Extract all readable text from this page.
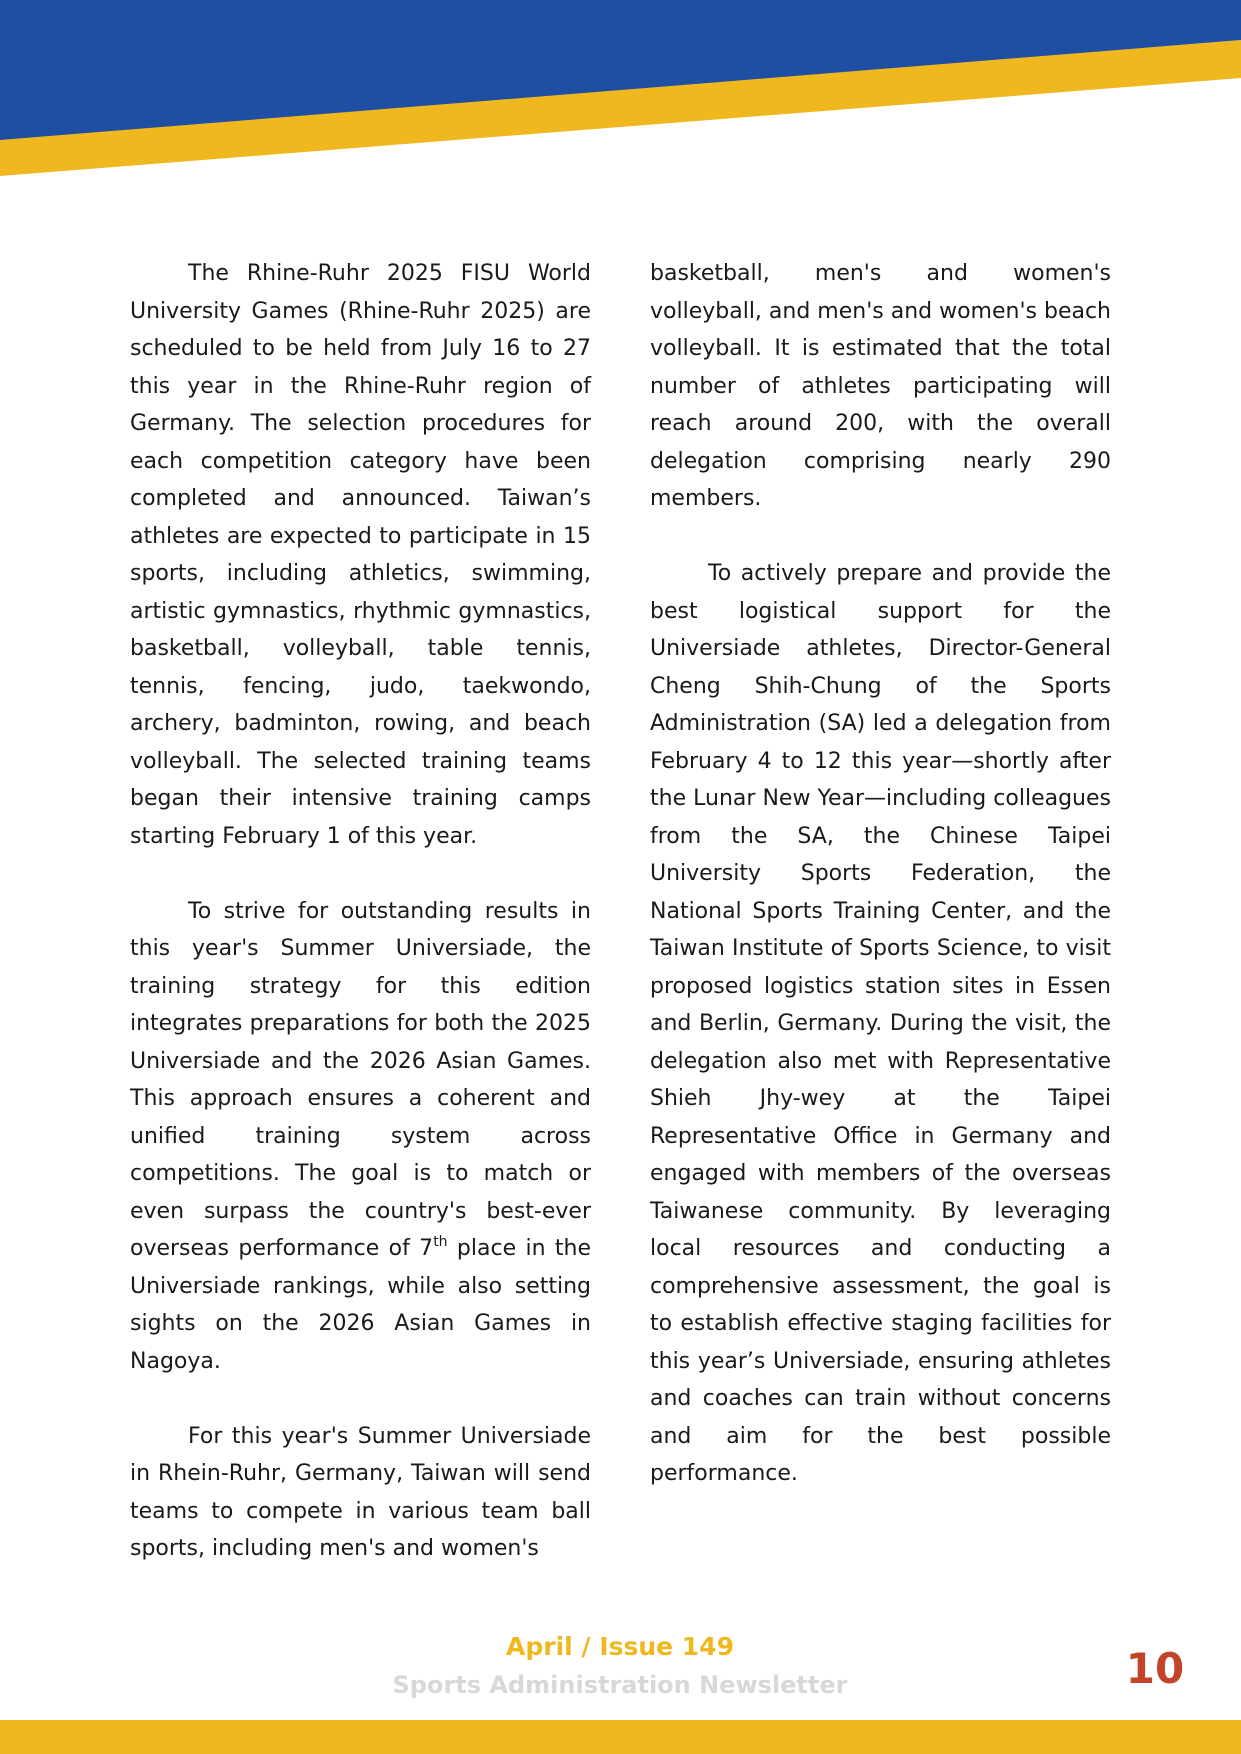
The Rhine-Ruhr 2025 FISU World University Games (Rhine-Ruhr 2025) are scheduled to be held from July 16 to 27 this year in the Rhine-Ruhr region of Germany. The selection procedures for each competition category have been completed and announced. Taiwan’s athletes are expected to participate in 15 sports, including athletics, swimming, artistic gymnastics, rhythmic gymnastics, basketball, volleyball, table tennis, tennis, fencing, judo, taekwondo, archery, badminton, rowing, and beach volleyball. The selected training teams began their intensive training camps starting February 1 of this year.

To strive for outstanding results in this year's Summer Universiade, the training strategy for this edition integrates preparations for both the 2025 Universiade and the 2026 Asian Games. This approach ensures a coherent and unified training system across competitions. The goal is to match or even surpass the country's best-ever overseas performance of 7th place in the Universiade rankings, while also setting sights on the 2026 Asian Games in Nagoya.

For this year's Summer Universiade in Rhein-Ruhr, Germany, Taiwan will send teams to compete in various team ball sports, including men's and women's

basketball, men's and women's volleyball, and men's and women's beach volleyball. It is estimated that the total number of athletes participating will reach around 200, with the overall delegation comprising nearly 290 members.

To actively prepare and provide the best logistical support for the Universiade athletes, Director-General Cheng Shih-Chung of the Sports Administration (SA) led a delegation from February 4 to 12 this year—shortly after the Lunar New Year—including colleagues from the SA, the Chinese Taipei University Sports Federation, the National Sports Training Center, and the Taiwan Institute of Sports Science, to visit proposed logistics station sites in Essen and Berlin, Germany. During the visit, the delegation also met with Representative Shieh Jhy-wey at the Taipei Representative Office in Germany and engaged with members of the overseas Taiwanese community. By leveraging local resources and conducting a comprehensive assessment, the goal is to establish effective staging facilities for this year’s Universiade, ensuring athletes and coaches can train without concerns and aim for the best possible performance.

April / Issue 149
Sports Administration Newsletter	10
